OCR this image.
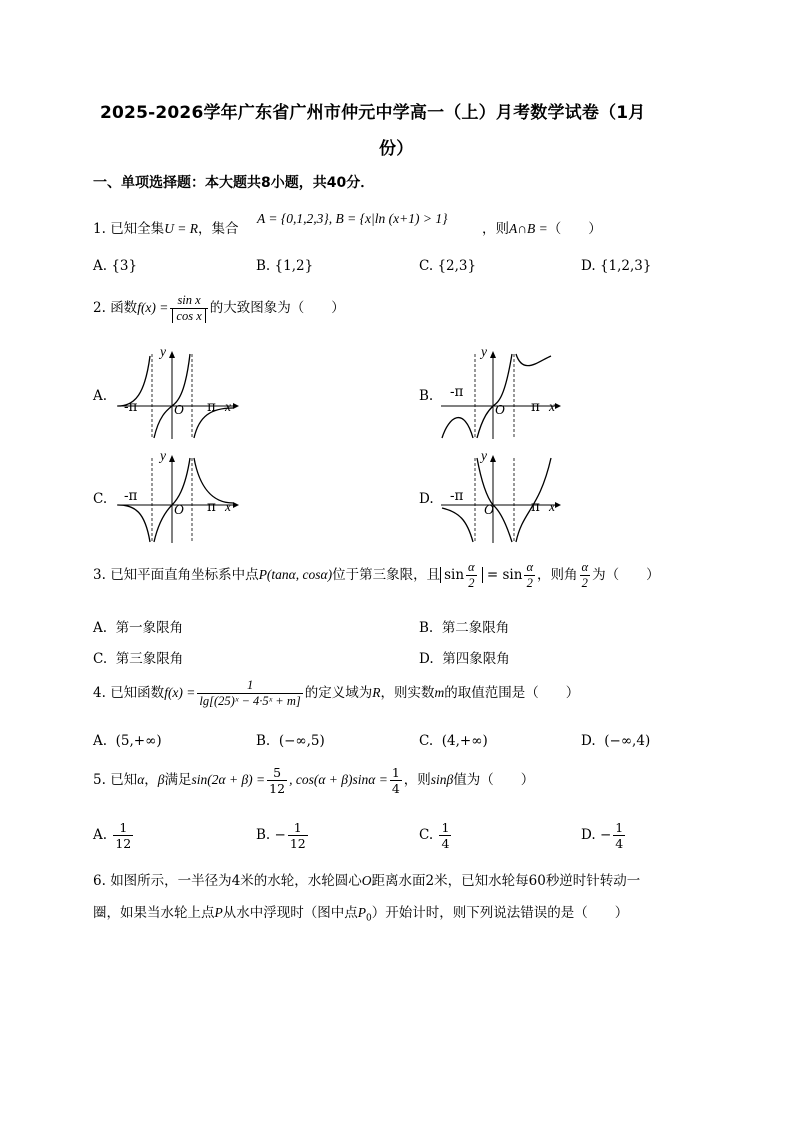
2025-2026学年广东省广州市仲元中学高一（上）月考数学试卷（1月
份）
一、单项选择题：本大题共8小题，共40分．
1. 已知全集U = R，集合
A = {0,1,2,3}, B = {x|ln (x+1) > 1}
，则A∩B =（　　）
A. {3}	B. {1,2}	C. {2,3}	D. {1,2,3}
2. 函数$f(x) = \frac{\text{sin x}}{\text{cos x}}$ 的大致图象为（　　）
A.	B.
C.	D.
y
O
-π	π x
y
O
-π
π x
y
O
-π
π x
y
O
-π
π x
3. 已知平面直角坐标系中点P(tanα, cosα)位于第三象限，且 $\sin \frac{\alpha}{2} = \sin \frac{\alpha}{2}$ ，则角 $\frac{\alpha}{2}$ 为（　　）
A. 第一象限角	B. 第二象限角
C. 第三象限角	D. 第四象限角
4. 已知函数$f(x) = \frac{1}{\text{lg[(25)ˣ − 4·5ˣ + m]}}$ 的定义域为R，则实数m的取值范围是（　　）
A. (5,+∞)	B. (−∞,5)	C. (4,+∞)	D. (−∞,4)
5. 已知α，β满足$\sin(2\alpha + \beta) = \frac{5}{12}$ , $\cos(\alpha + \beta)\sin\alpha = \frac{1}{4}$ ，则sinβ值为（　　）
A. $\frac{1}{12}$	B. − $\frac{1}{12}$	C. $\frac{1}{4}$	D. − $\frac{1}{4}$
6. 如图所示，一半径为4米的水轮，水轮圆心O距离水面2米，已知水轮每60秒逆时针转动一
圈，如果当水轮上点P从水中浮现时（图中点$P_0$）开始计时，则下列说法错误的是（　　）
